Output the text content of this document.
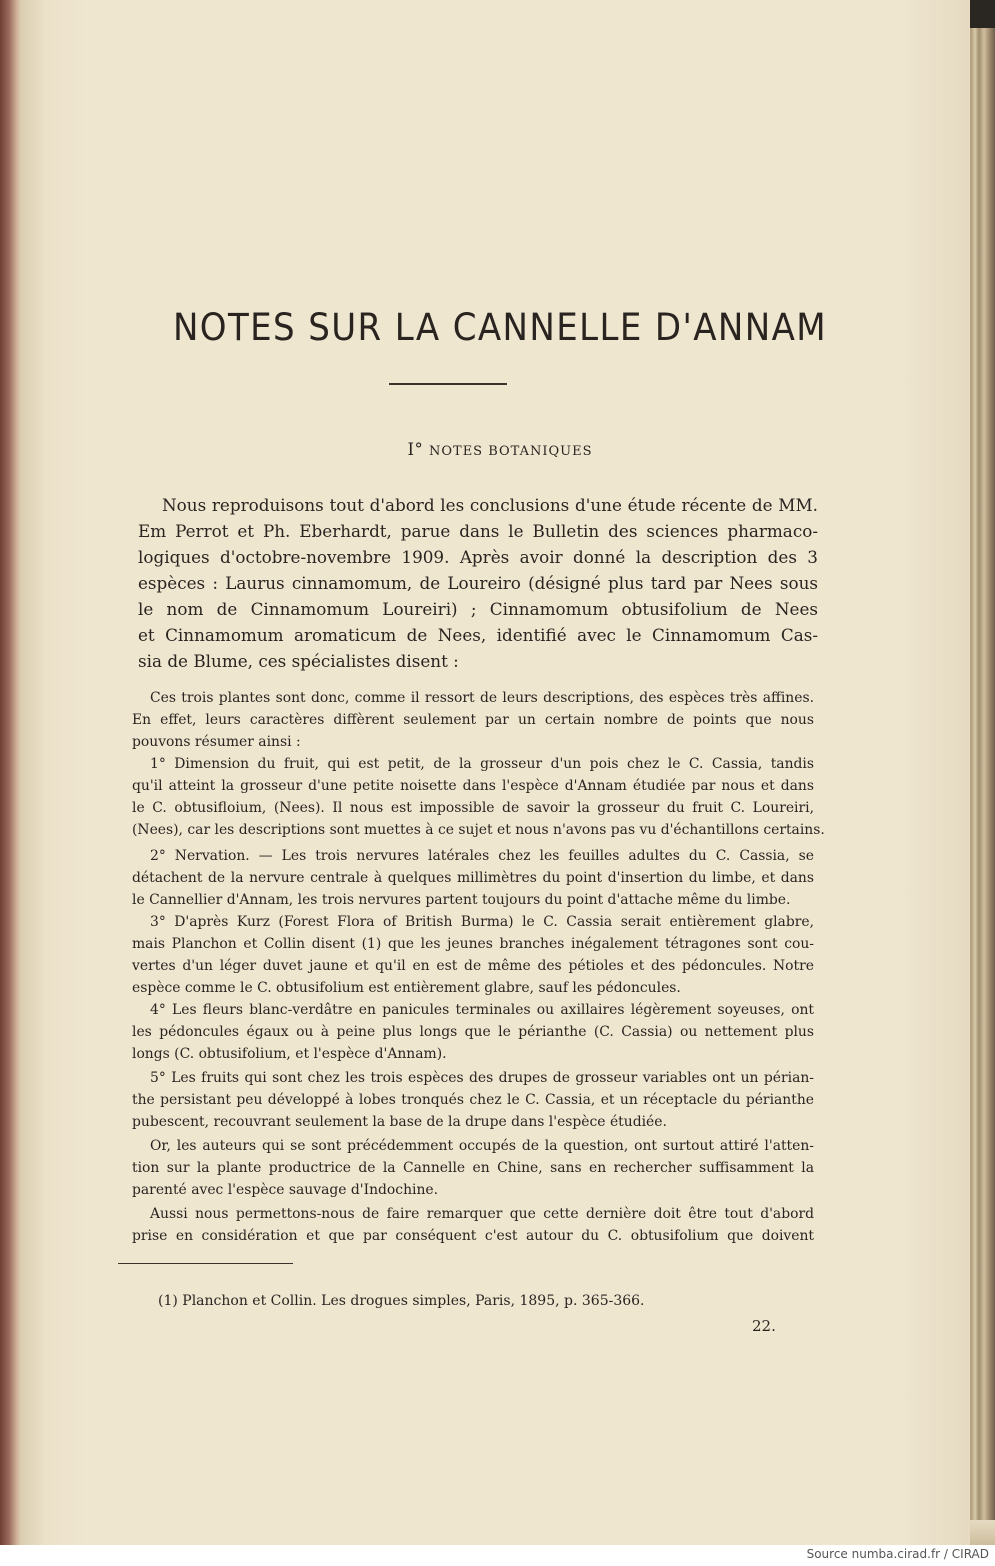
NOTES SUR LA CANNELLE D'ANNAM
I° NOTES BOTANIQUES
Nous reproduisons tout d'abord les conclusions d'une étude récente de MM.
Em Perrot et Ph. Eberhardt, parue dans le Bulletin des sciences pharmaco-
logiques d'octobre-novembre 1909. Après avoir donné la description des 3
espèces : Laurus cinnamomum, de Loureiro (désigné plus tard par Nees sous
le nom de Cinnamomum Loureiri) ; Cinnamomum obtusifolium de Nees
et Cinnamomum aromaticum de Nees, identifié avec le Cinnamomum Cas-
sia de Blume, ces spécialistes disent :
Ces trois plantes sont donc, comme il ressort de leurs descriptions, des espèces très affines.
En effet, leurs caractères diffèrent seulement par un certain nombre de points que nous
pouvons résumer ainsi :
1° Dimension du fruit, qui est petit, de la grosseur d'un pois chez le C. Cassia, tandis
qu'il atteint la grosseur d'une petite noisette dans l'espèce d'Annam étudiée par nous et dans
le C. obtusifloium, (Nees). Il nous est impossible de savoir la grosseur du fruit C. Loureiri,
(Nees), car les descriptions sont muettes à ce sujet et nous n'avons pas vu d'échantillons certains.
2° Nervation. — Les trois nervures latérales chez les feuilles adultes du C. Cassia, se
détachent de la nervure centrale à quelques millimètres du point d'insertion du limbe, et dans
le Cannellier d'Annam, les trois nervures partent toujours du point d'attache même du limbe.
3° D'après Kurz (Forest Flora of British Burma) le C. Cassia serait entièrement glabre,
mais Planchon et Collin disent (1) que les jeunes branches inégalement tétragones sont cou-
vertes d'un léger duvet jaune et qu'il en est de même des pétioles et des pédoncules. Notre
espèce comme le C. obtusifolium est entièrement glabre, sauf les pédoncules.
4° Les fleurs blanc-verdâtre en panicules terminales ou axillaires légèrement soyeuses, ont
les pédoncules égaux ou à peine plus longs que le périanthe (C. Cassia) ou nettement plus
longs (C. obtusifolium, et l'espèce d'Annam).
5° Les fruits qui sont chez les trois espèces des drupes de grosseur variables ont un périan-
the persistant peu développé à lobes tronqués chez le C. Cassia, et un réceptacle du périanthe
pubescent, recouvrant seulement la base de la drupe dans l'espèce étudiée.
Or, les auteurs qui se sont précédemment occupés de la question, ont surtout attiré l'atten-
tion sur la plante productrice de la Cannelle en Chine, sans en rechercher suffisamment la
parenté avec l'espèce sauvage d'Indochine.
Aussi nous permettons-nous de faire remarquer que cette dernière doit être tout d'abord
prise en considération et que par conséquent c'est autour du C. obtusifolium que doivent
(1) Planchon et Collin. Les drogues simples, Paris, 1895, p. 365-366.
22.
Source numba.cirad.fr / CIRAD
